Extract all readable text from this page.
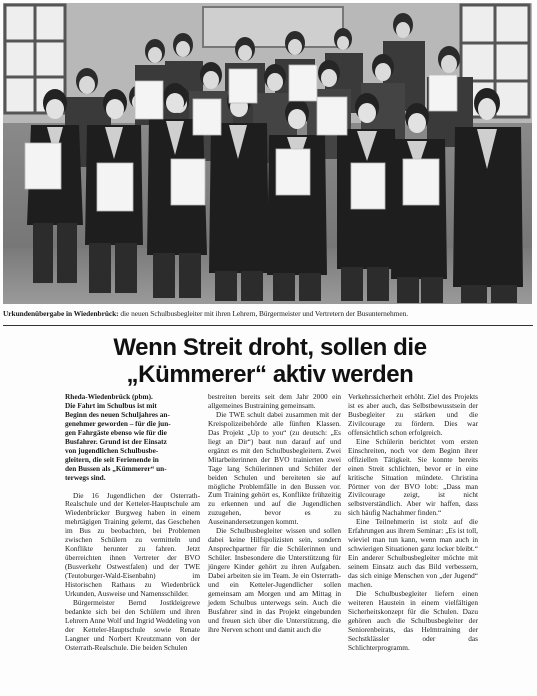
Urkundenübergabe in Wiedenbrück: die neuen Schulbusbegleiter mit ihren Lehrern, Bürgermeister und Vertretern der Busunternehmen.
Wenn Streit droht, sollen die
„Kümmerer“ aktiv werden
Rheda-Wiedenbrück (pbm).
Die Fahrt im Schulbus ist mit
Beginn des neuen Schuljahres an-
genehmer geworden – für die jun-
gen Fahrgäste ebenso wie für die
Busfahrer. Grund ist der Einsatz
von jugendlichen Schulbusbe-
gleitern, die seit Ferienende in
den Bussen als „Kümmerer“ un-
terwegs sind.

Die 16 Jugendlichen der Osterrath-Realschule und der Ketteler-Hauptschule am Wiedenbrücker Burgweg haben in einem mehrtägigen Training gelernt, das Geschehen im Bus zu beobachten, bei Problemen zwischen Schülern zu vermitteln und Konflikte herunter zu fahren. Jetzt überreichten ihnen Vertreter der BVO (Busverkehr Ostwestfalen) und der TWE (Teutoburger-Wald-Eisenbahn) im Historischen Rathaus zu Wiedenbrück Urkunden, Ausweise und Namensschilder.

Bürgermeister Bernd Jostkleigrewe bedankte sich bei den Schülern und ihren Lehrern Anne Wolf und Ingrid Weddeling von der Ketteler-Hauptschule sowie Renate Langner und Norbert Kreutzmann von der Osterrath-Realschule. Die beiden Schulen

bestreiten bereits seit dem Jahr 2000 ein allgemeines Bustraining gemeinsam.

Die TWE schult dabei zusammen mit der Kreispolizeibehörde alle fünften Klassen. Das Projekt „Up to you“ (zu deutsch: „Es liegt an Dir“) baut nun darauf auf und ergänzt es mit den Schulbusbegleitern. Zwei Mitarbeiterinnen der BVO trainierten zwei Tage lang Schülerinnen und Schüler der beiden Schulen und bereiteten sie auf mögliche Problemfälle in den Bussen vor. Zum Training gehört es, Konflikte frühzeitig zu erkennen und auf die Jugendlichen zuzugehen, bevor es zu Auseinandersetzungen kommt.

Die Schulbusbegleiter wissen und sollen dabei keine Hilfspolizisten sein, sondern Ansprechpartner für die Schülerinnen und Schüler. Insbesondere die Unterstützung für jüngere Kinder gehört zu ihren Aufgaben. Dabei arbeiten sie im Team. Je ein Osterrath- und ein Ketteler-Jugendlicher sollen gemeinsam am Morgen und am Mittag in jedem Schulbus unterwegs sein. Auch die Busfahrer sind in das Projekt eingebunden und freuen sich über die Unterstützung, die ihre Nerven schont und damit auch die

Verkehrssicherheit erhöht. Ziel des Projekts ist es aber auch, das Selbstbewusstsein der Busbegleiter zu stärken und die Zivilcourage zu fördern. Dies war offensichtlich schon erfolgreich.

Eine Schülerin berichtet vom ersten Einschreiten, noch vor dem Beginn ihrer offiziellen Tätigkeit. Sie konnte bereits einen Streit schlichten, bevor er in eine kritische Situation mündete. Christina Pörtner von der BVO lobt: „Dass man Zivilcourage zeigt, ist nicht selbstverständlich. Aber wir haffen, dass sich häufig Nachahmer finden.“

Eine Teilnehmerin ist stolz auf die Erfahrungen aus ihrem Seminar: „Es ist toll, wieviel man tun kann, wenn man auch in schwierigen Situationen ganz locker bleibt.“ Ein anderer Schulbusbegleiter möchte mit seinem Einsatz auch das Bild verbessern, das sich einige Menschen von „der Jugend“ machen.

Die Schulbusbegleiter liefern einen weiteren Haustein in einem vielfältigen Sicherheitskonzept für die Schulen. Dazu gehören auch die Schulbusbegleiter der Seniorenbeirats, das Helmtraining der Sechstklässler oder das Schlichterprogramm.
